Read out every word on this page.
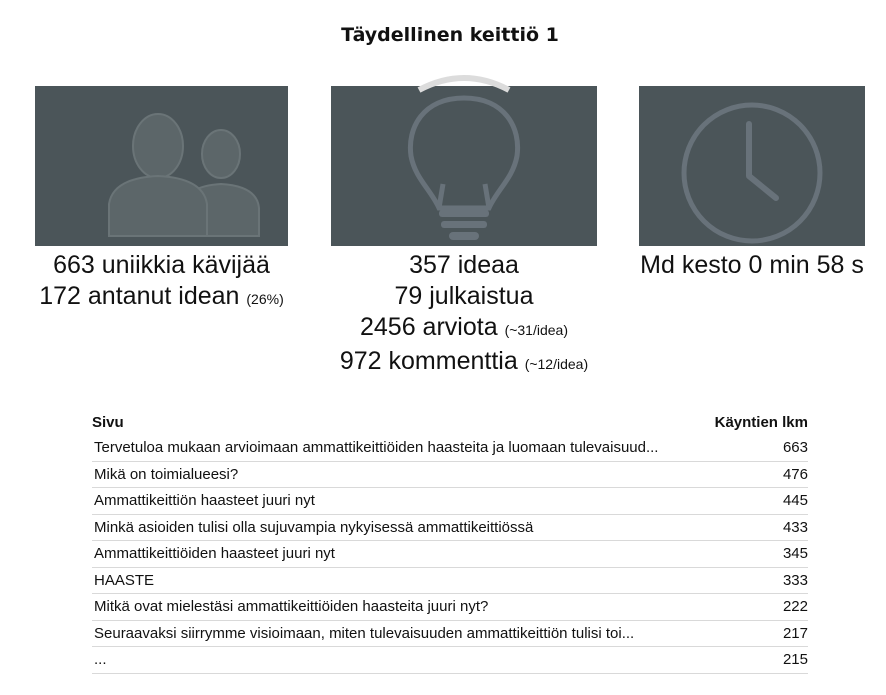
Täydellinen keittiö 1
663 uniikkia kävijää
172 antanut idean (26%)
357 ideaa
79 julkaistua
2456 arviota (~31/idea)
972 kommenttia (~12/idea)
Md kesto 0 min 58 s
Sivu	Käyntien lkm
Tervetuloa mukaan arvioimaan ammattikeittiöiden haasteita ja luomaan tulevaisuud...	663
Mikä on toimialueesi?	476
Ammattikeittiön haasteet juuri nyt	445
Minkä asioiden tulisi olla sujuvampia nykyisessä ammattikeittiössä	433
Ammattikeittiöiden haasteet juuri nyt	345
HAASTE	333
Mitkä ovat mielestäsi ammattikeittiöiden haasteita juuri nyt?	222
Seuraavaksi siirrymme visioimaan, miten tulevaisuuden ammattikeittiön tulisi toi...	217
...	215
